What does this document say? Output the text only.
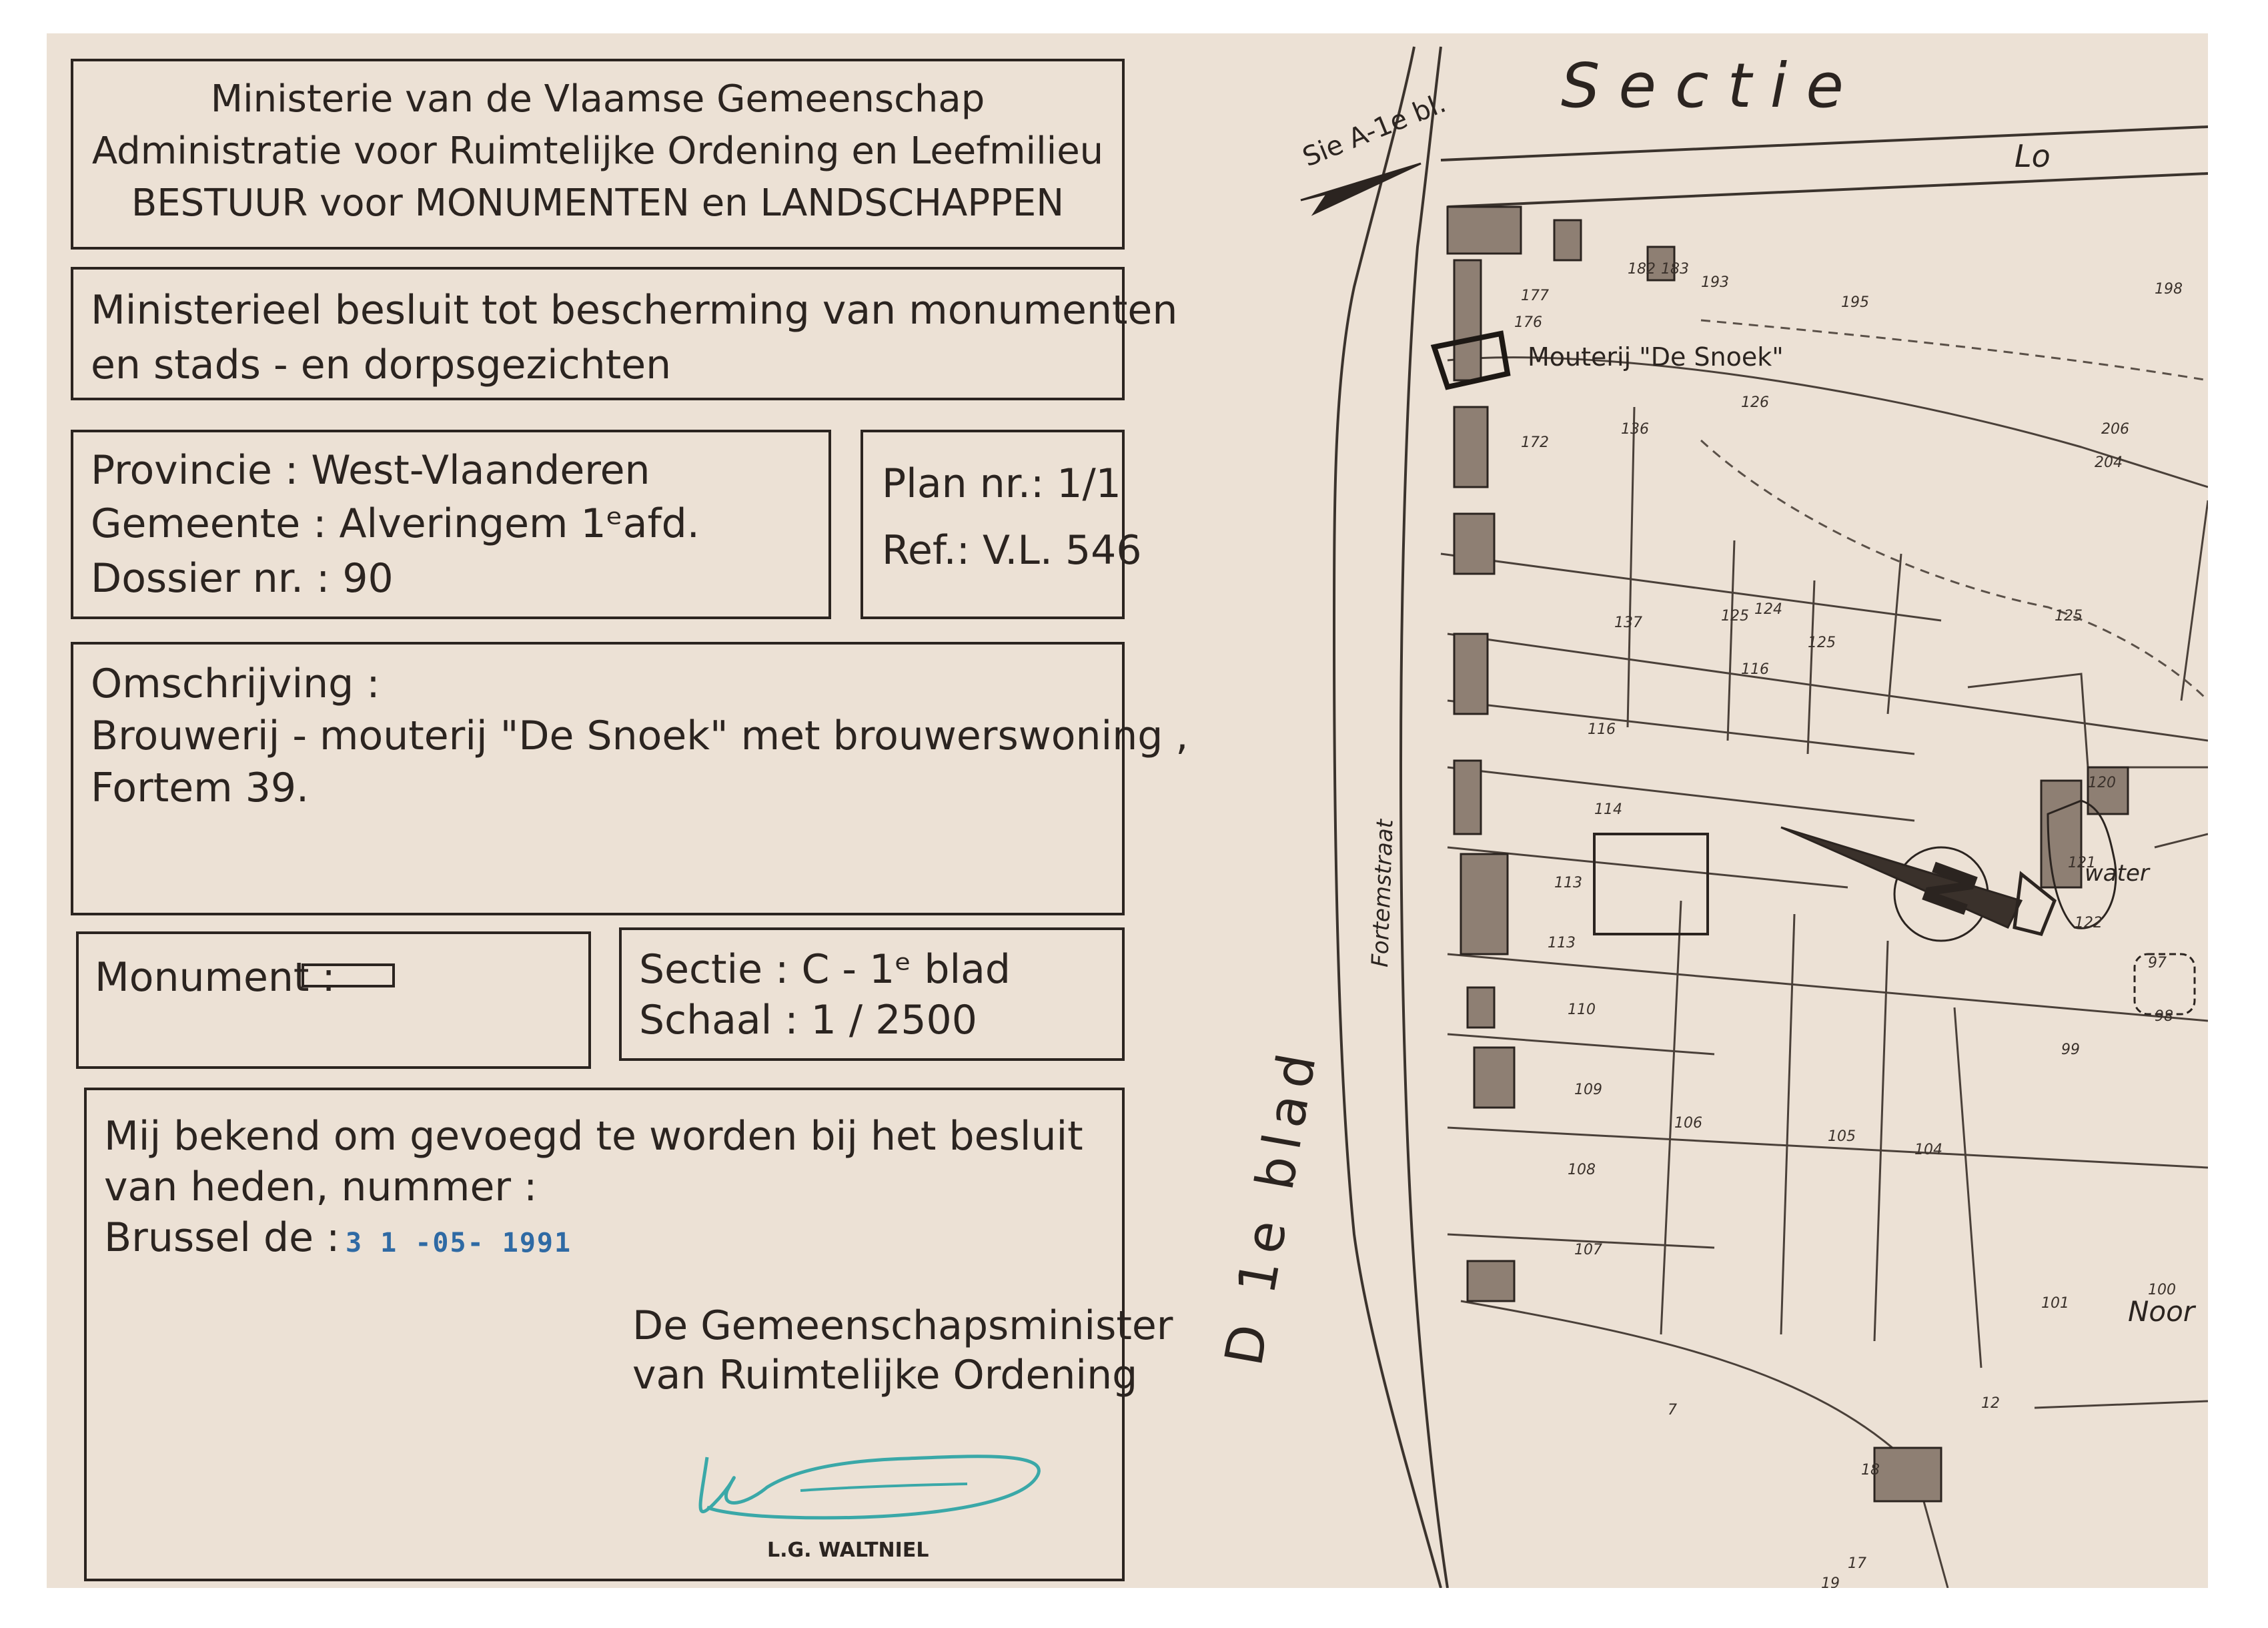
Ministerie van de Vlaamse Gemeenschap
Administratie voor Ruimtelijke Ordening en Leefmilieu
BESTUUR voor MONUMENTEN en LANDSCHAPPEN
Ministerieel besluit tot bescherming van monumenten
en stads - en dorpsgezichten
Provincie : West-Vlaanderen
Gemeente : Alveringem 1ᵉafd.
Dossier nr. : 90
Plan nr.: 1/1
Ref.: V.L. 546
Omschrijving :
Brouwerij - mouterij "De Snoek" met brouwerswoning ,
Fortem 39.
Monument :	Sectie : C - 1ᵉ blad
Schaal : 1 / 2500
Mij bekend om gevoegd te worden bij het besluit
van heden, nummer :
Brussel de : 3 1 -05- 1991
De Gemeenschapsminister
van Ruimtelijke Ordening
L.G. WALTNIEL
N
Sectie
Sie A-1e bl.	Lo
Mouterij "De Snoek"
Fortemstraat
D 1e blad
water
Noor
198
206
204
126
136
125 124	125
125
116
116
114
113
113
110
109
108
107
106
105
104
101
100
99
98
97
120
121
122
137
172
176
177
182 183
193
195
18
7
19
17
12
